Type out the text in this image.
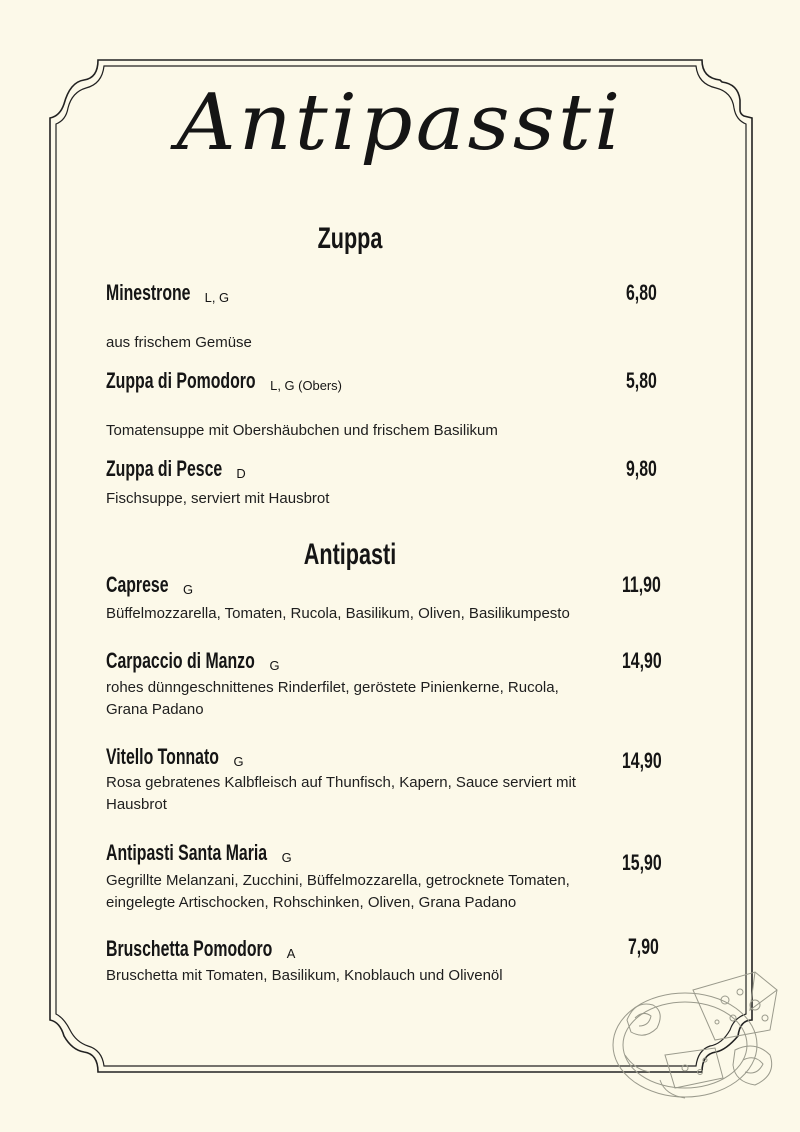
Antipassti
Zuppa
Minestrone L, G	6,80
aus frischem Gemüse
Zuppa di Pomodoro L, G (Obers)	5,80
Tomatensuppe mit Obershäubchen und frischem Basilikum
Zuppa di Pesce D	9,80
Fischsuppe, serviert mit Hausbrot
Antipasti
Caprese G	11,90
Büffelmozzarella, Tomaten, Rucola, Basilikum, Oliven, Basilikumpesto
Carpaccio di Manzo G	14,90
rohes dünngeschnittenes Rinderfilet, geröstete Pinienkerne, Rucola,
Grana Padano
Vitello Tonnato G	14,90
Rosa gebratenes Kalbfleisch auf Thunfisch, Kapern, Sauce serviert mit
Hausbrot
Antipasti Santa Maria G	15,90
Gegrillte Melanzani, Zucchini, Büffelmozzarella, getrocknete Tomaten,
eingelegte Artischocken, Rohschinken, Oliven, Grana Padano
Bruschetta Pomodoro A	7,90
Bruschetta mit Tomaten, Basilikum, Knoblauch und Olivenöl
